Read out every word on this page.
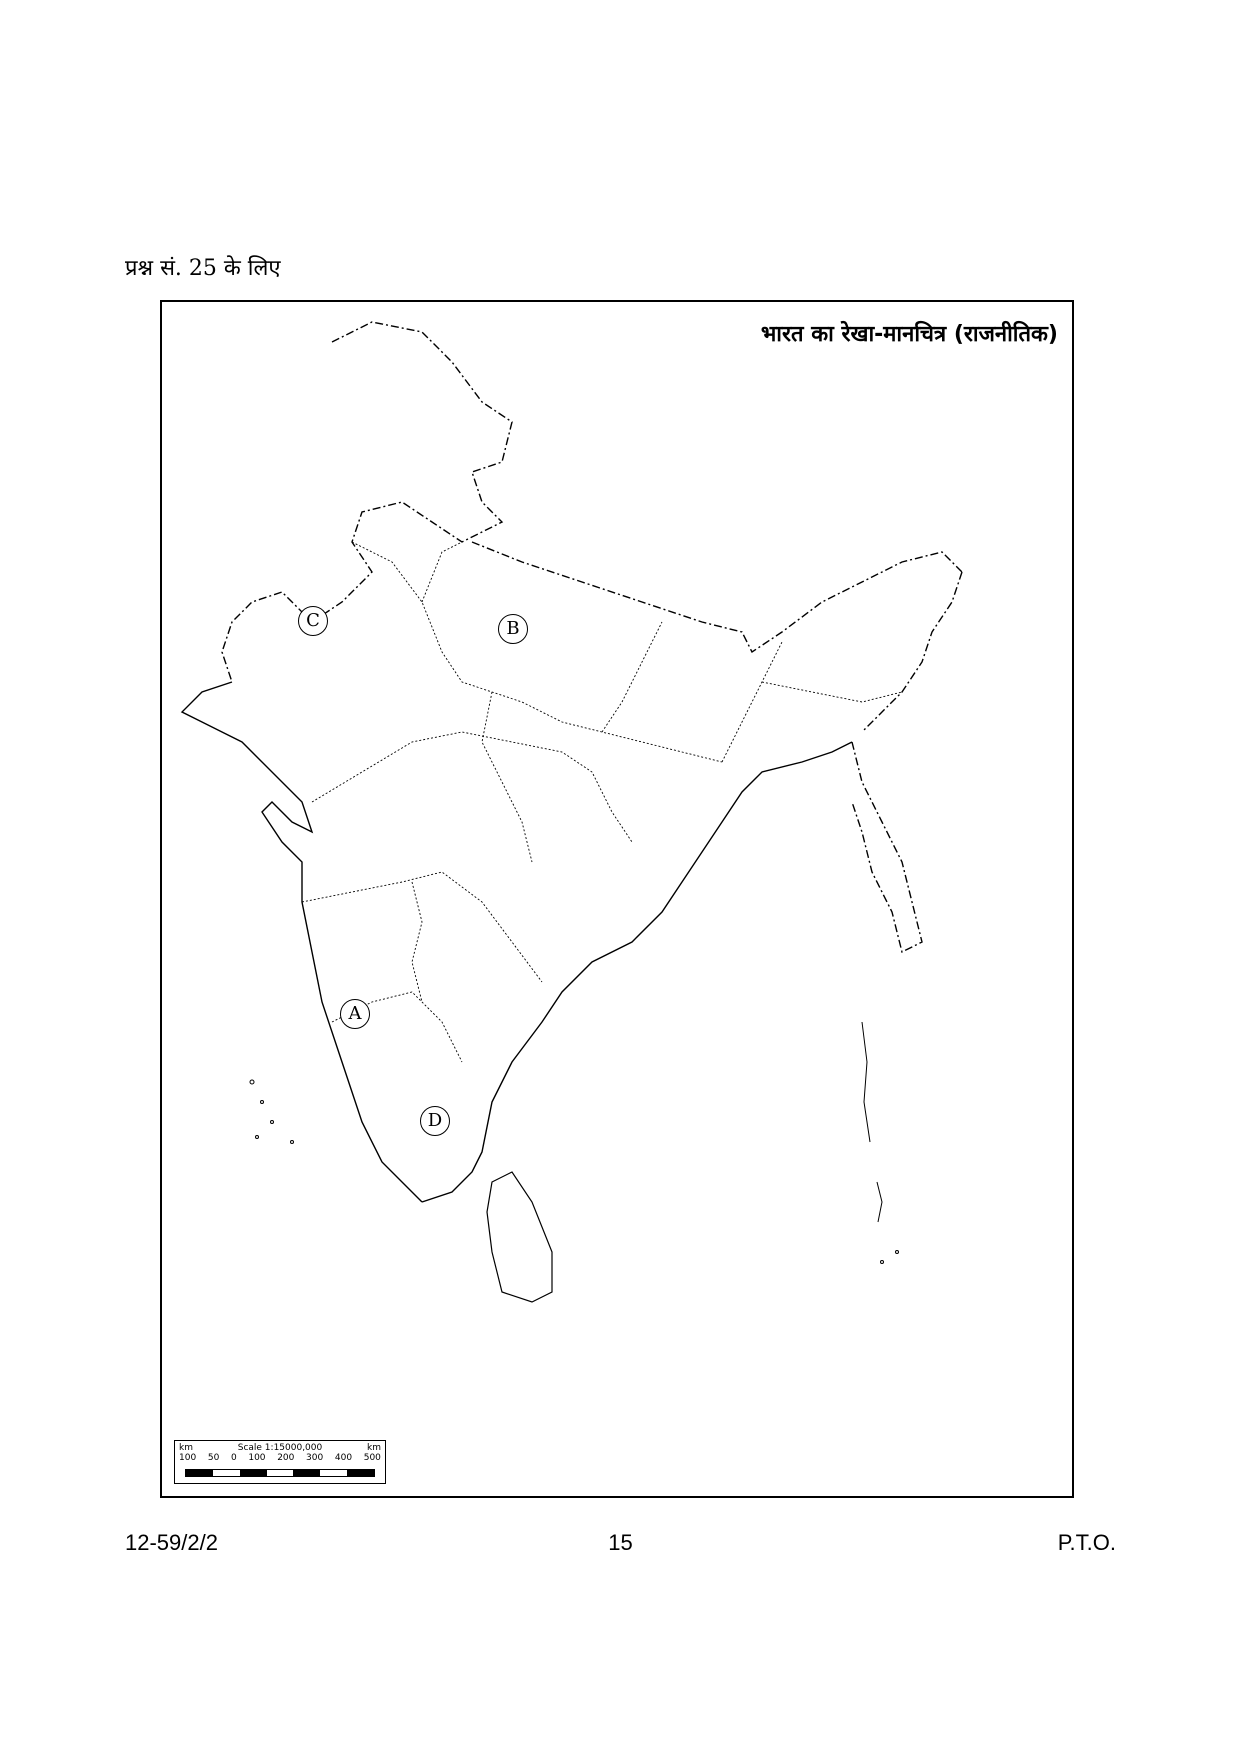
प्रश्न सं. 25 के लिए
भारत का रेखा-मानचित्र (राजनीतिक)
C	B
A
D
km	Scale 1:15000,000	km
100 50 0 100 200 300 400 500
12-59/2/2	15	P.T.O.
